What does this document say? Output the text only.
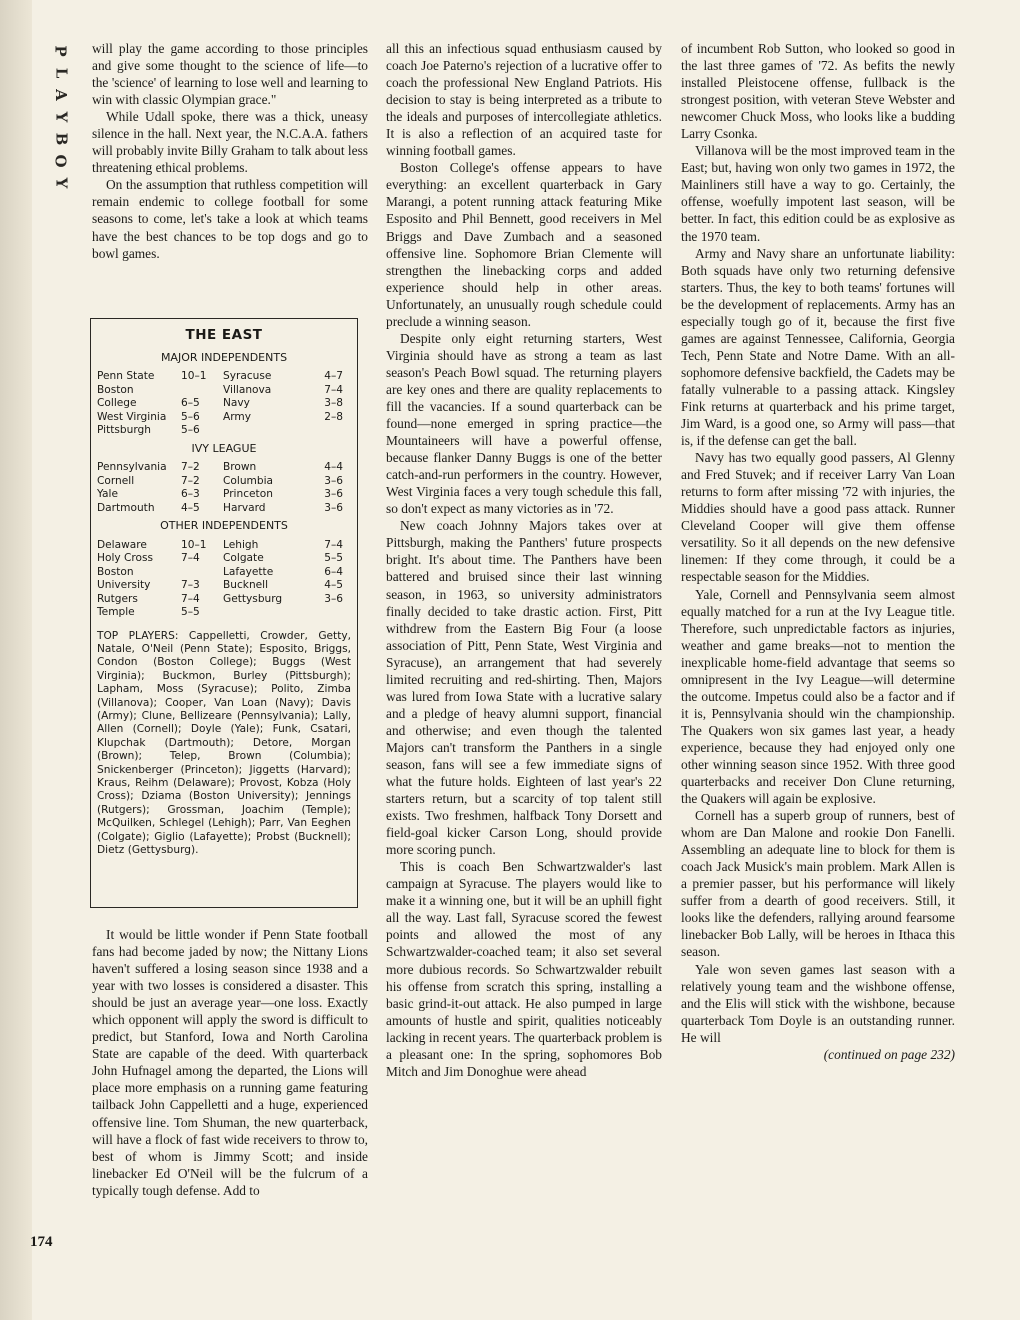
P
L
A
Y
B
O
Y

will play the game according to those principles and give some thought to the science of life—to the 'science' of learning to lose well and learning to win with classic Olympian grace."

While Udall spoke, there was a thick, uneasy silence in the hall. Next year, the N.C.A.A. fathers will probably invite Billy Graham to talk about less threatening ethical problems.

On the assumption that ruthless competition will remain endemic to college football for some seasons to come, let's take a look at which teams have the best chances to be top dogs and go to bowl games.

THE EAST
MAJOR INDEPENDENTS
Penn State	10–1	Syracuse	4–7
Boston		Villanova	7–4
College	6–5	Navy	3–8
West Virginia	5–6	Army	2–8
Pittsburgh	5–6		
IVY LEAGUE
Pennsylvania	7–2	Brown	4–4
Cornell	7–2	Columbia	3–6
Yale	6–3	Princeton	3–6
Dartmouth	4–5	Harvard	3–6
OTHER INDEPENDENTS
Delaware	10–1	Lehigh	7–4
Holy Cross	7–4	Colgate	5–5
Boston		Lafayette	6–4
University	7–3	Bucknell	4–5
Rutgers	7–4	Gettysburg	3–6
Temple	5–5		
TOP PLAYERS: Cappelletti, Crowder, Getty, Natale, O'Neil (Penn State); Esposito, Briggs, Condon (Boston College); Buggs (West Virginia); Buckmon, Burley (Pittsburgh); Lapham, Moss (Syracuse); Polito, Zimba (Villanova); Cooper, Van Loan (Navy); Davis (Army); Clune, Bellizeare (Pennsylvania); Lally, Allen (Cornell); Doyle (Yale); Funk, Csatari, Klupchak (Dartmouth); Detore, Morgan (Brown); Telep, Brown (Columbia); Snickenberger (Princeton); Jiggetts (Harvard); Kraus, Reihm (Delaware); Provost, Kobza (Holy Cross); Dziama (Boston University); Jennings (Rutgers); Grossman, Joachim (Temple); McQuilken, Schlegel (Lehigh); Parr, Van Eeghen (Colgate); Giglio (Lafayette); Probst (Bucknell); Dietz (Gettysburg).

It would be little wonder if Penn State football fans had become jaded by now; the Nittany Lions haven't suffered a losing season since 1938 and a year with two losses is considered a disaster. This should be just an average year—one loss. Exactly which opponent will apply the sword is difficult to predict, but Stanford, Iowa and North Carolina State are capable of the deed. With quarterback John Hufnagel among the departed, the Lions will place more emphasis on a running game featuring tailback John Cappelletti and a huge, experienced offensive line. Tom Shuman, the new quarterback, will have a flock of fast wide receivers to throw to, best of whom is Jimmy Scott; and inside linebacker Ed O'Neil will be the fulcrum of a typically tough defense. Add to

all this an infectious squad enthusiasm caused by coach Joe Paterno's rejection of a lucrative offer to coach the professional New England Patriots. His decision to stay is being interpreted as a tribute to the ideals and purposes of intercollegiate athletics. It is also a reflection of an acquired taste for winning football games.

Boston College's offense appears to have everything: an excellent quarterback in Gary Marangi, a potent running attack featuring Mike Esposito and Phil Bennett, good receivers in Mel Briggs and Dave Zumbach and a seasoned offensive line. Sophomore Brian Clemente will strengthen the linebacking corps and added experience should help in other areas. Unfortunately, an unusually rough schedule could preclude a winning season.

Despite only eight returning starters, West Virginia should have as strong a team as last season's Peach Bowl squad. The returning players are key ones and there are quality replacements to fill the vacancies. If a sound quarterback can be found—none emerged in spring practice—the Mountaineers will have a powerful offense, because flanker Danny Buggs is one of the better catch-and-run performers in the country. However, West Virginia faces a very tough schedule this fall, so don't expect as many victories as in '72.

New coach Johnny Majors takes over at Pittsburgh, making the Panthers' future prospects bright. It's about time. The Panthers have been battered and bruised since their last winning season, in 1963, so university administrators finally decided to take drastic action. First, Pitt withdrew from the Eastern Big Four (a loose association of Pitt, Penn State, West Virginia and Syracuse), an arrangement that had severely limited recruiting and red-shirting. Then, Majors was lured from Iowa State with a lucrative salary and a pledge of heavy alumni support, financial and otherwise; and even though the talented Majors can't transform the Panthers in a single season, fans will see a few immediate signs of what the future holds. Eighteen of last year's 22 starters return, but a scarcity of top talent still exists. Two freshmen, halfback Tony Dorsett and field-goal kicker Carson Long, should provide more scoring punch.

This is coach Ben Schwartzwalder's last campaign at Syracuse. The players would like to make it a winning one, but it will be an uphill fight all the way. Last fall, Syracuse scored the fewest points and allowed the most of any Schwartzwalder-coached team; it also set several more dubious records. So Schwartzwalder rebuilt his offense from scratch this spring, installing a basic grind-it-out attack. He also pumped in large amounts of hustle and spirit, qualities noticeably lacking in recent years. The quarterback problem is a pleasant one: In the spring, sophomores Bob Mitch and Jim Donoghue were ahead

of incumbent Rob Sutton, who looked so good in the last three games of '72. As befits the newly installed Pleistocene offense, fullback is the strongest position, with veteran Steve Webster and newcomer Chuck Moss, who looks like a budding Larry Csonka.

Villanova will be the most improved team in the East; but, having won only two games in 1972, the Mainliners still have a way to go. Certainly, the offense, woefully impotent last season, will be better. In fact, this edition could be as explosive as the 1970 team.

Army and Navy share an unfortunate liability: Both squads have only two returning defensive starters. Thus, the key to both teams' fortunes will be the development of replacements. Army has an especially tough go of it, because the first five games are against Tennessee, California, Georgia Tech, Penn State and Notre Dame. With an all-sophomore defensive backfield, the Cadets may be fatally vulnerable to a passing attack. Kingsley Fink returns at quarterback and his prime target, Jim Ward, is a good one, so Army will pass—that is, if the defense can get the ball.

Navy has two equally good passers, Al Glenny and Fred Stuvek; and if receiver Larry Van Loan returns to form after missing '72 with injuries, the Middies should have a good pass attack. Runner Cleveland Cooper will give them offense versatility. So it all depends on the new defensive linemen: If they come through, it could be a respectable season for the Middies.

Yale, Cornell and Pennsylvania seem almost equally matched for a run at the Ivy League title. Therefore, such unpredictable factors as injuries, weather and game breaks—not to mention the inexplicable home-field advantage that seems so omnipresent in the Ivy League—will determine the outcome. Impetus could also be a factor and if it is, Pennsylvania should win the championship. The Quakers won six games last year, a heady experience, because they had enjoyed only one other winning season since 1952. With three good quarterbacks and receiver Don Clune returning, the Quakers will again be explosive.

Cornell has a superb group of runners, best of whom are Dan Malone and rookie Don Fanelli. Assembling an adequate line to block for them is coach Jack Musick's main problem. Mark Allen is a premier passer, but his performance will likely suffer from a dearth of good receivers. Still, it looks like the defenders, rallying around fearsome linebacker Bob Lally, will be heroes in Ithaca this season.

Yale won seven games last season with a relatively young team and the wishbone offense, and the Elis will stick with the wishbone, because quarterback Tom Doyle is an outstanding runner. He will

(continued on page 232)

174
